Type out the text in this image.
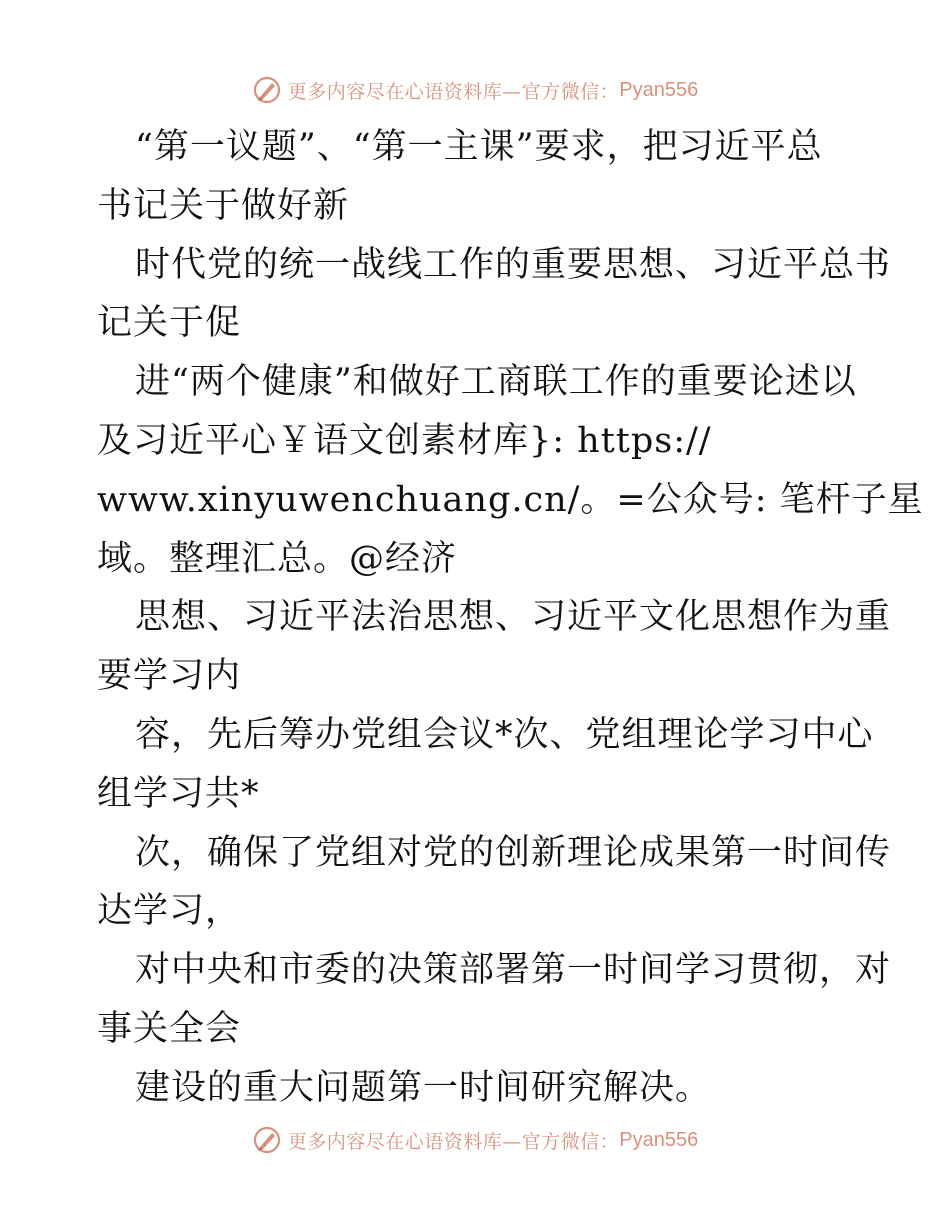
更多内容尽在心语资料库—官方微信： Pyan556
“第一议题”、“第一主课”要求，把习近平总
书记关于做好新
时代党的统一战线工作的重要思想、习近平总书
记关于促
进“两个健康”和做好工商联工作的重要论述以
及习近平心￥语文创素材库}: https://
www.xinyuwenchuang.cn/。=公众号: 笔杆子星
域。整理汇总。@经济
思想、习近平法治思想、习近平文化思想作为重
要学习内
容，先后筹办党组会议*次、党组理论学习中心
组学习共*
次，确保了党组对党的创新理论成果第一时间传
达学习，
对中央和市委的决策部署第一时间学习贯彻，对
事关全会
建设的重大问题第一时间研究解决。
更多内容尽在心语资料库—官方微信： Pyan556
